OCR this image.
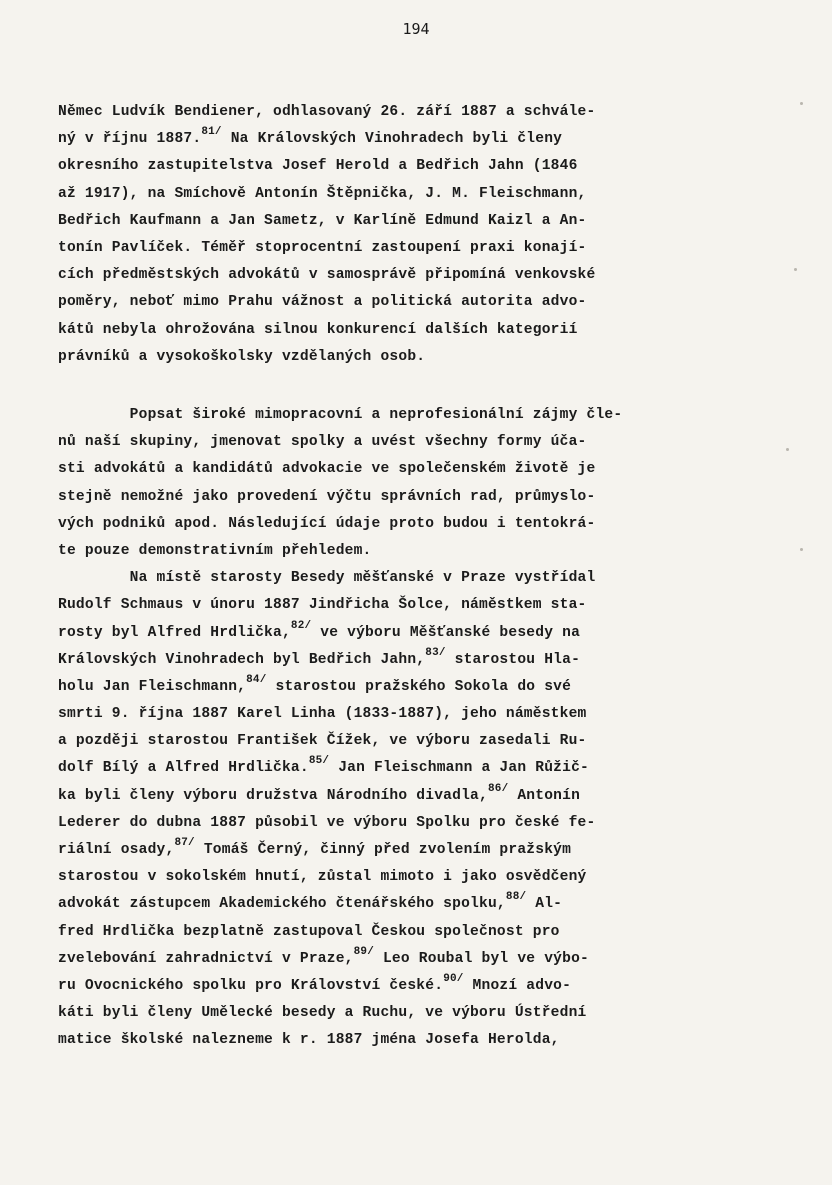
194
Němec Ludvík Bendiener, odhlasovaný 26. září 1887 a schvále-
ný v říjnu 1887.$^{81/}$ Na Královských Vinohradech byli členy
okresního zastupitelstva Josef Herold a Bedřich Jahn (1846
až 1917), na Smíchově Antonín Štěpnička, J. M. Fleischmann,
Bedřich Kaufmann a Jan Sametz, v Karlíně Edmund Kaizl a An-
tonín Pavlíček. Téměř stoprocentní zastoupení praxi konají-
cích předměstských advokátů v samosprávě připomíná venkovské
poměry, neboť mimo Prahu vážnost a politická autorita advo-
kátů nebyla ohrožována silnou konkurencí dalších kategorií
právníků a vysokoškolsky vzdělaných osob.
Popsat široké mimopracovní a neprofesionální zájmy čle-
nů naší skupiny, jmenovat spolky a uvést všechny formy úča-
sti advokátů a kandidátů advokacie ve společenském životě je
stejně nemožné jako provedení výčtu správních rad, průmyslo-
vých podniků apod. Následující údaje proto budou i tentokrá-
te pouze demonstrativním přehledem.
Na místě starosty Besedy měšťanské v Praze vystřídal
Rudolf Schmaus v únoru 1887 Jindřicha Šolce, náměstkem sta-
rosty byl Alfred Hrdlička,$^{82/}$ ve výboru Měšťanské besedy na
Královských Vinohradech byl Bedřich Jahn,$^{83/}$ starostou Hla-
holu Jan Fleischmann,$^{84/}$ starostou pražského Sokola do své
smrti 9. října 1887 Karel Linha (1833-1887), jeho náměstkem
a později starostou František Čížek, ve výboru zasedali Ru-
dolf Bílý a Alfred Hrdlička.$^{85/}$ Jan Fleischmann a Jan Růžič-
ka byli členy výboru družstva Národního divadla,$^{86/}$ Antonín
Lederer do dubna 1887 působil ve výboru Spolku pro české fe-
riální osady,$^{87/}$ Tomáš Černý, činný před zvolením pražským
starostou v sokolském hnutí, zůstal mimoto i jako osvědčený
advokát zástupcem Akademického čtenářského spolku,$^{88/}$ Al-
fred Hrdlička bezplatně zastupoval Českou společnost pro
zvelebování zahradnictví v Praze,$^{89/}$ Leo Roubal byl ve výbo-
ru Ovocnického spolku pro Království české.$^{90/}$ Mnozí advo-
káti byli členy Umělecké besedy a Ruchu, ve výboru Ústřední
matice školské nalezneme k r. 1887 jména Josefa Herolda,
